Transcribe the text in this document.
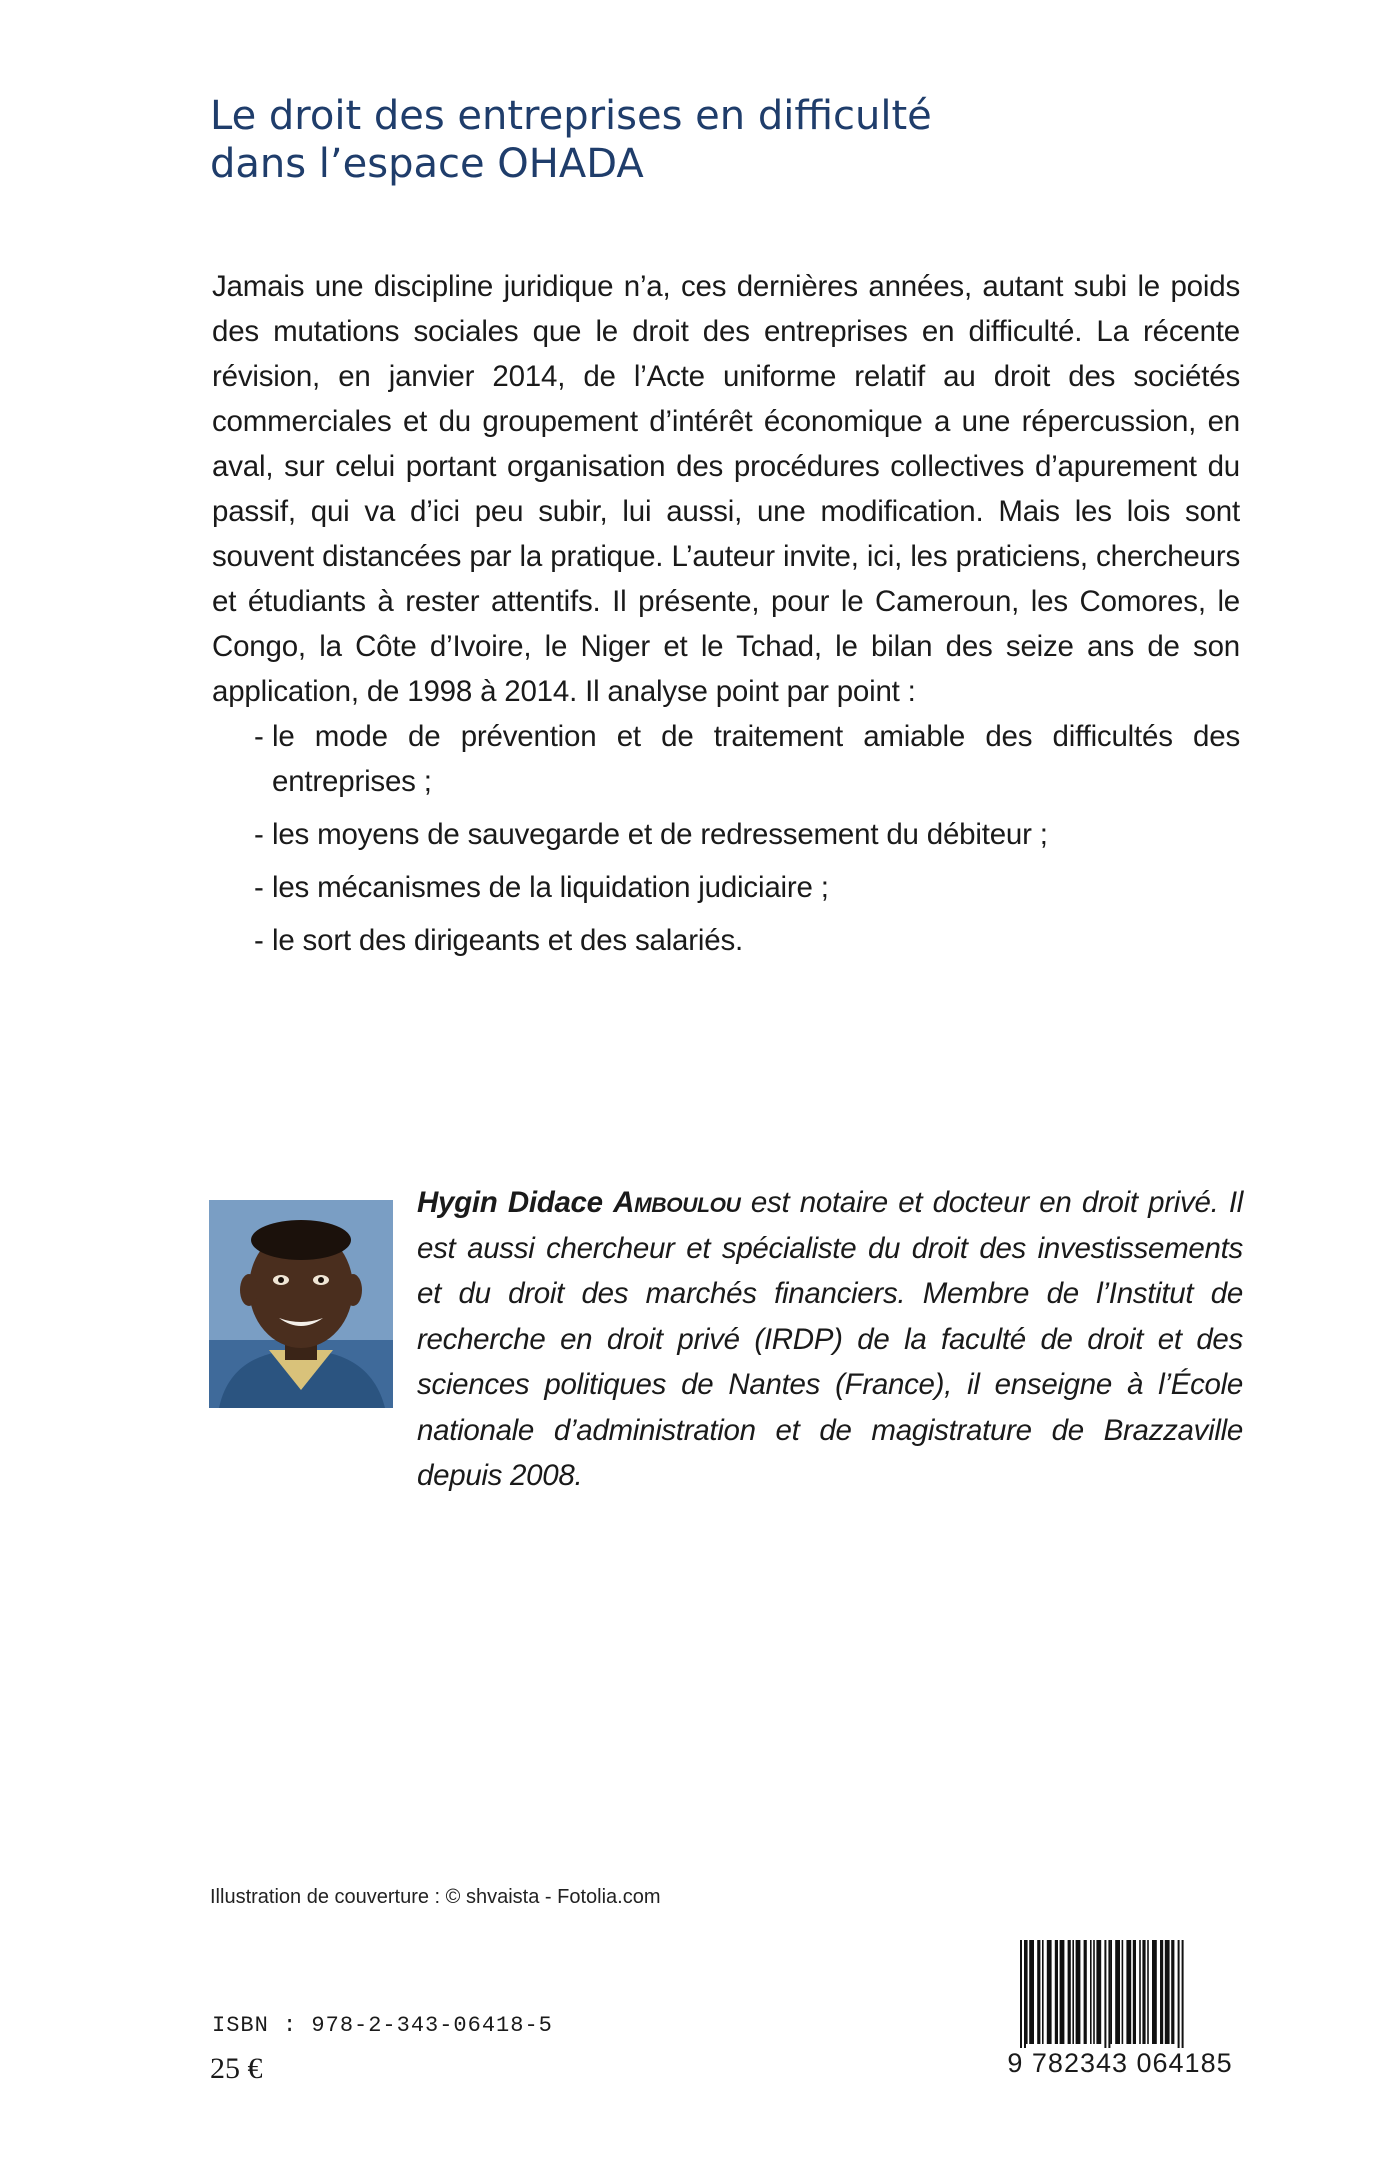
Le droit des entreprises en difficulté
dans l’espace OHADA

Jamais une discipline juridique n’a, ces dernières années, autant subi le poids des mutations sociales que le droit des entreprises en difficulté. La récente révision, en janvier 2014, de l’Acte uniforme relatif au droit des sociétés commerciales et du groupement d’intérêt économique a une répercussion, en aval, sur celui portant organisation des procédures collectives d’apurement du passif, qui va d’ici peu subir, lui aussi, une modification. Mais les lois sont souvent distancées par la pratique. L’auteur invite, ici, les praticiens, chercheurs et étudiants à rester attentifs. Il présente, pour le Cameroun, les Comores, le Congo, la Côte d’Ivoire, le Niger et le Tchad, le bilan des seize ans de son application, de 1998 à 2014. Il analyse point par point :

- le mode de prévention et de traitement amiable des difficultés des entreprises ;
- les moyens de sauvegarde et de redressement du débiteur ;
- les mécanismes de la liquidation judiciaire ;
- le sort des dirigeants et des salariés.
Hygin Didace Amboulou est notaire et docteur en droit privé. Il est aussi chercheur et spécialiste du droit des investissements et du droit des marchés financiers. Membre de l’Institut de recherche en droit privé (IRDP) de la faculté de droit et des sciences politiques de Nantes (France), il enseigne à l’École nationale d’administration et de magistrature de Brazzaville depuis 2008.
Illustration de couverture : © shvaista - Fotolia.com
ISBN : 978-2-343-06418-5
25 €	9 782343 064185
